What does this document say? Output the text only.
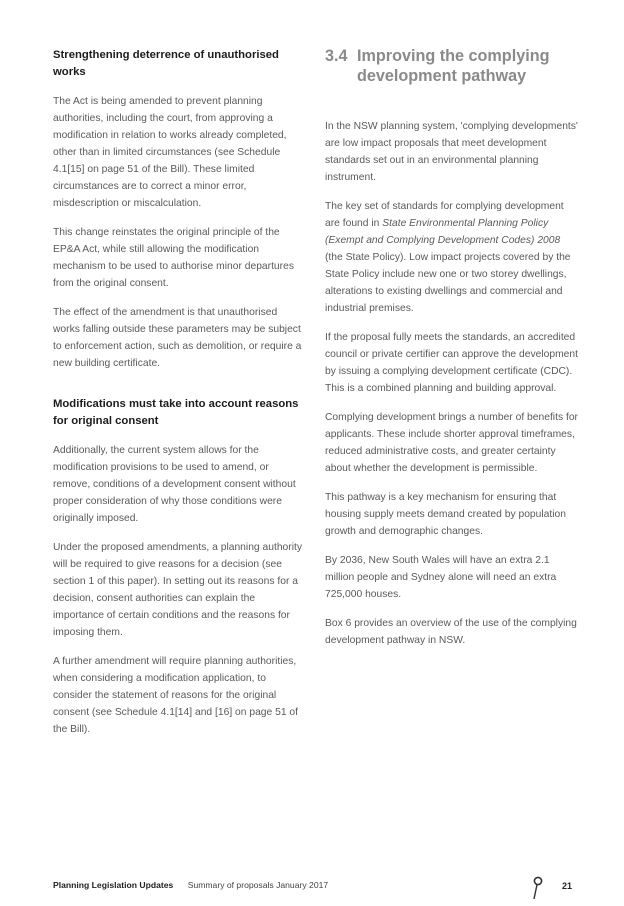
Strengthening deterrence of unauthorised works

The Act is being amended to prevent planning authorities, including the court, from approving a modification in relation to works already completed, other than in limited circumstances (see Schedule 4.1[15] on page 51 of the Bill). These limited circumstances are to correct a minor error, misdescription or miscalculation.

This change reinstates the original principle of the EP&A Act, while still allowing the modification mechanism to be used to authorise minor departures from the original consent.

The effect of the amendment is that unauthorised works falling outside these parameters may be subject to enforcement action, such as demolition, or require a new building certificate.

Modifications must take into account reasons for original consent

Additionally, the current system allows for the modification provisions to be used to amend, or remove, conditions of a development consent without proper consideration of why those conditions were originally imposed.

Under the proposed amendments, a planning authority will be required to give reasons for a decision (see section 1 of this paper). In setting out its reasons for a decision, consent authorities can explain the importance of certain conditions and the reasons for imposing them.

A further amendment will require planning authorities, when considering a modification application, to consider the statement of reasons for the original consent (see Schedule 4.1[14] and [16] on page 51 of the Bill).

3.4 Improving the complying development pathway

In the NSW planning system, 'complying developments' are low impact proposals that meet development standards set out in an environmental planning instrument.

The key set of standards for complying development are found in State Environmental Planning Policy (Exempt and Complying Development Codes) 2008 (the State Policy). Low impact projects covered by the State Policy include new one or two storey dwellings, alterations to existing dwellings and commercial and industrial premises.

If the proposal fully meets the standards, an accredited council or private certifier can approve the development by issuing a complying development certificate (CDC). This is a combined planning and building approval.

Complying development brings a number of benefits for applicants. These include shorter approval timeframes, reduced administrative costs, and greater certainty about whether the development is permissible.

This pathway is a key mechanism for ensuring that housing supply meets demand created by population growth and demographic changes.

By 2036, New South Wales will have an extra 2.1 million people and Sydney alone will need an extra 725,000 houses.

Box 6 provides an overview of the use of the complying development pathway in NSW.

Planning Legislation Updates Summary of proposals January 2017	21
